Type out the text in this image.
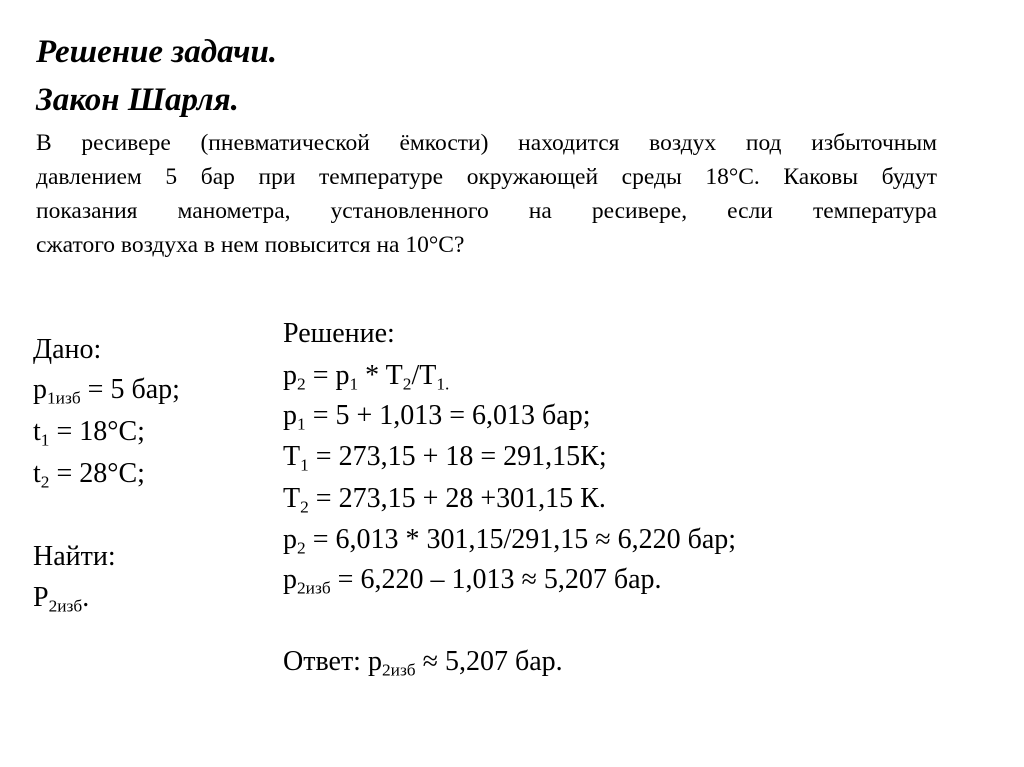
Решение задачи.
Закон Шарля.
В ресивере (пневматической ёмкости) находится воздух под избыточным
давлением 5 бар при температуре окружающей среды 18°С. Каковы будут
показания манометра, установленного на ресивере, если температура
сжатого воздуха в нем повысится на 10°С?
Дано:
$p_{1изб} = 5$ бар;
$t_1 = 18^\circ С$;
$t_2 = 28^\circ С$;
Найти:
$P_{2изб}$.
Решение:
$p_2 = p_1 * T_2/T_{1.}$
$p_1 = 5 + 1,013 = 6,013$ бар;
$T_1 = 273,15 + 18 = 291,15К$;
$T_2 = 273,15 + 28 +301,15$ К.
$p_2 = 6,013 * 301,15/291,15 \approx 6,220$ бар;
$p_{2изб} = 6,220 - 1,013 \approx 5,207$ бар.
Ответ: $p_{2изб} \approx 5,207$ бар.
